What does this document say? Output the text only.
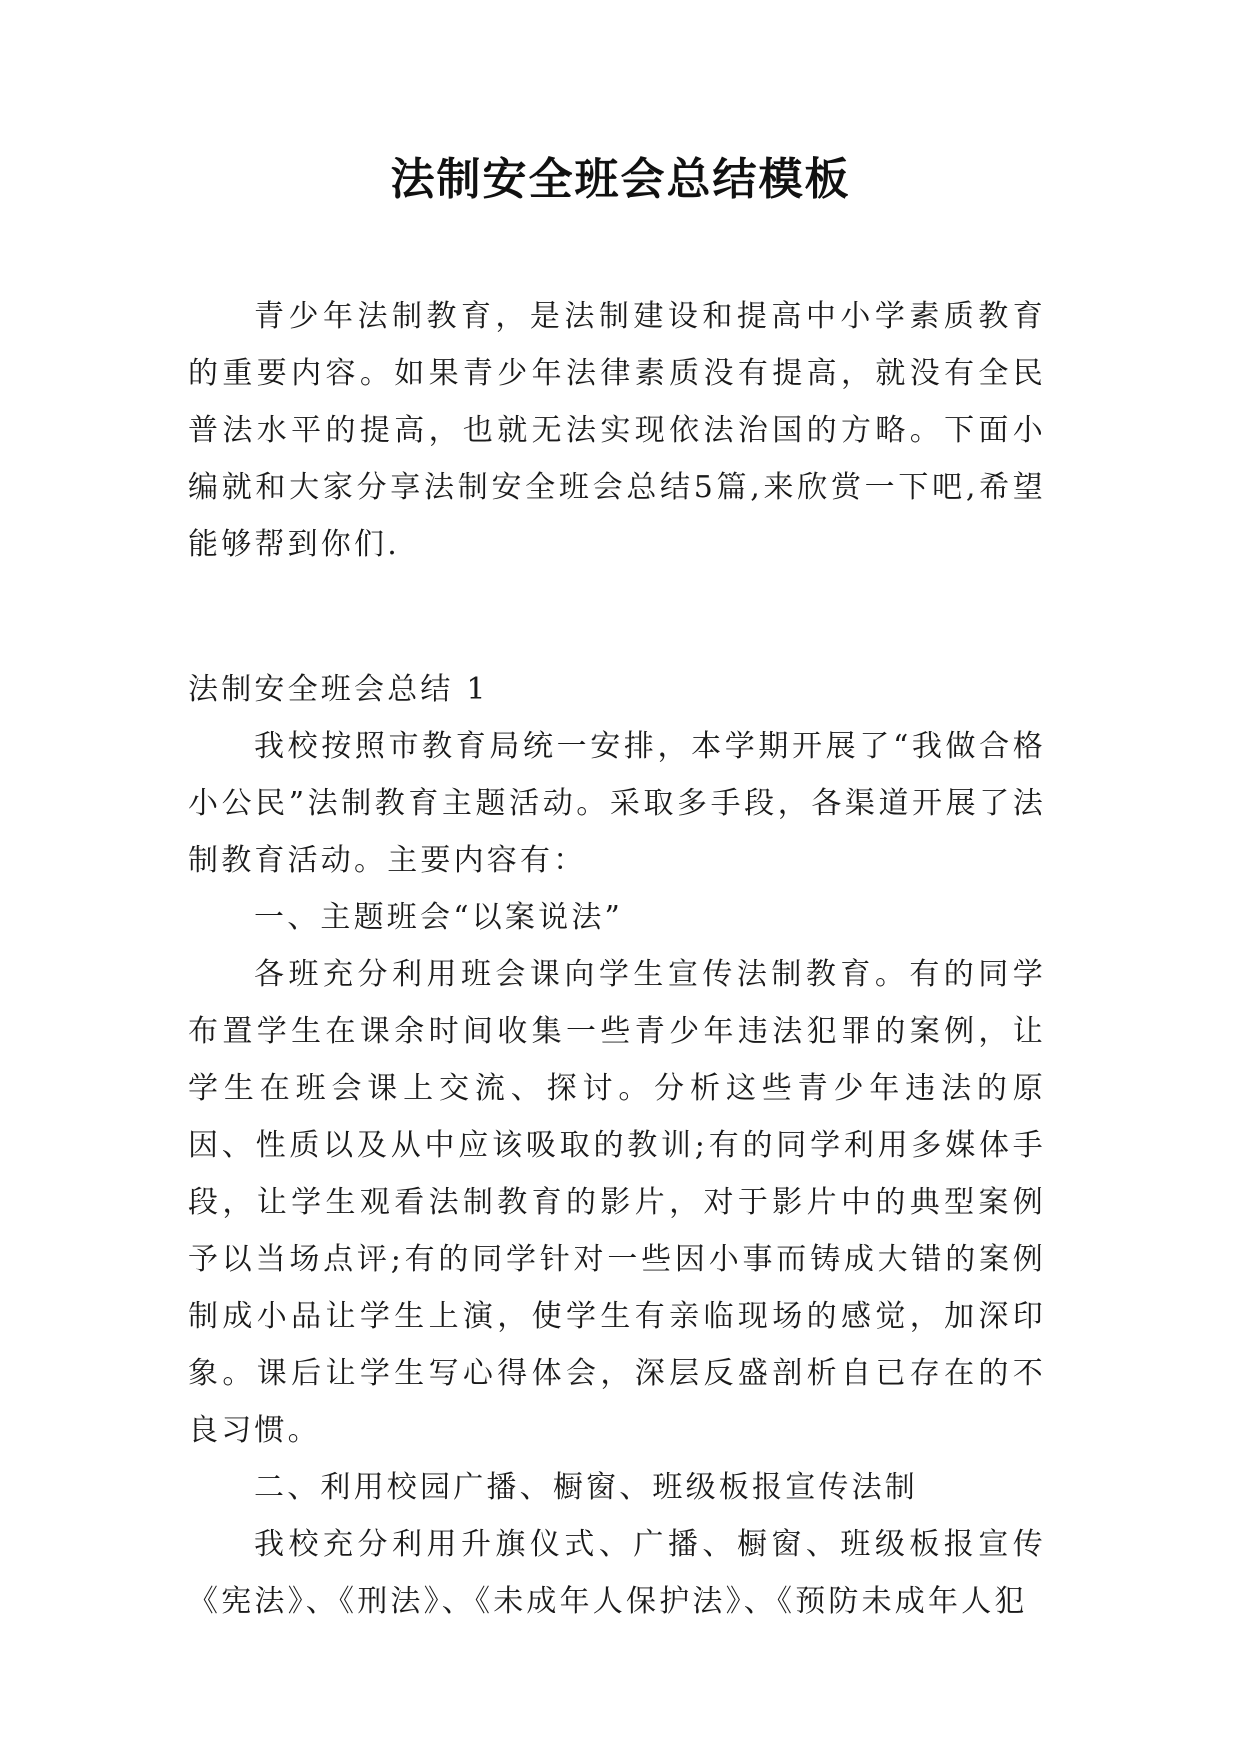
法制安全班会总结模板

青少年法制教育，是法制建设和提高中小学素质教育的重要内容。如果青少年法律素质没有提高，就没有全民普法水平的提高，也就无法实现依法治国的方略。下面小编就和大家分享法制安全班会总结5篇,来欣赏一下吧,希望能够帮到你们.

法制安全班会总结 1

我校按照市教育局统一安排，本学期开展了“我做合格小公民”法制教育主题活动。采取多手段，各渠道开展了法制教育活动。主要内容有：

一、主题班会“以案说法”

各班充分利用班会课向学生宣传法制教育。有的同学布置学生在课余时间收集一些青少年违法犯罪的案例，让学生在班会课上交流、探讨。分析这些青少年违法的原因、性质以及从中应该吸取的教训;有的同学利用多媒体手段，让学生观看法制教育的影片，对于影片中的典型案例予以当场点评;有的同学针对一些因小事而铸成大错的案例制成小品让学生上演，使学生有亲临现场的感觉，加深印象。课后让学生写心得体会，深层反盛剖析自已存在的不良习惯。

二、利用校园广播、橱窗、班级板报宣传法制

我校充分利用升旗仪式、广播、橱窗、班级板报宣传《宪法》、《刑法》、《未成年人保护法》、《预防未成年人犯
